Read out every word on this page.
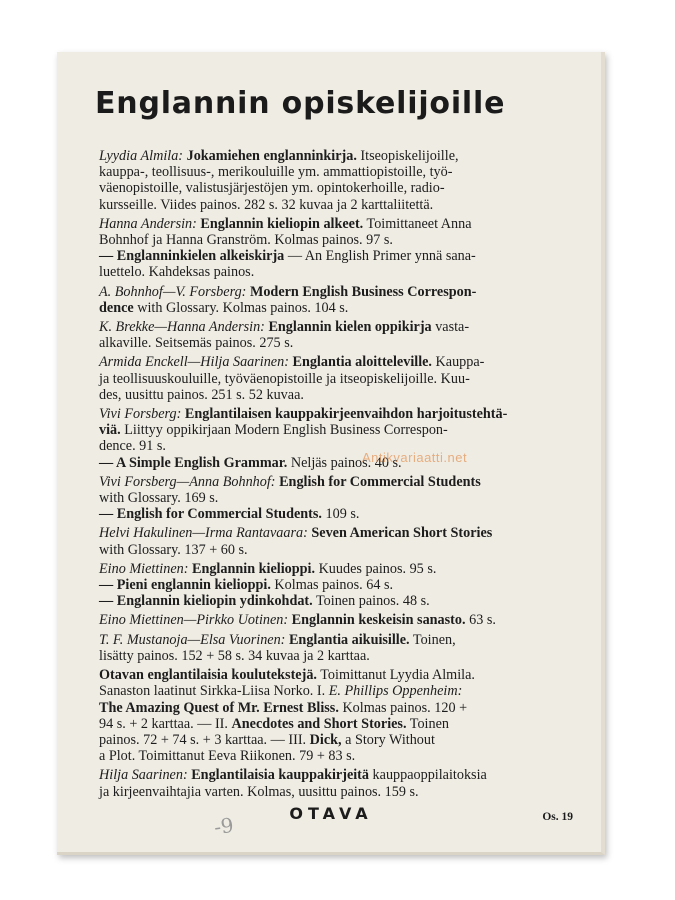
Englannin opiskelijoille
Lyydia Almila: Jokamiehen englanninkirja. Itseopiskelijoille,
kauppa-, teollisuus-, merikouluille ym. ammattiopistoille, työ-
väenopistoille, valistusjärjestöjen ym. opintokerhoille, radio-
kursseille. Viides painos. 282 s. 32 kuvaa ja 2 karttaliitettä.
Hanna Andersin: Englannin kieliopin alkeet. Toimittaneet Anna
Bohnhof ja Hanna Granström. Kolmas painos. 97 s.
— Englanninkielen alkeiskirja — An English Primer ynnä sana-
luettelo. Kahdeksas painos.
A. Bohnhof—V. Forsberg: Modern English Business Correspon-
dence with Glossary. Kolmas painos. 104 s.
K. Brekke—Hanna Andersin: Englannin kielen oppikirja vasta-
alkaville. Seitsemäs painos. 275 s.
Armida Enckell—Hilja Saarinen: Englantia aloitteleville. Kauppa-
ja teollisuuskouluille, työväenopistoille ja itseopiskelijoille. Kuu-
des, uusittu painos. 251 s. 52 kuvaa.
Vivi Forsberg: Englantilaisen kauppakirjeenvaihdon harjoitustehtä-
viä. Liittyy oppikirjaan Modern English Business Correspon-
dence. 91 s.
— A Simple English Grammar. Neljäs painos. 40 s.
Vivi Forsberg—Anna Bohnhof: English for Commercial Students
with Glossary. 169 s.
— English for Commercial Students. 109 s.
Helvi Hakulinen—Irma Rantavaara: Seven American Short Stories
with Glossary. 137 + 60 s.
Eino Miettinen: Englannin kielioppi. Kuudes painos. 95 s.
— Pieni englannin kielioppi. Kolmas painos. 64 s.
— Englannin kieliopin ydinkohdat. Toinen painos. 48 s.
Eino Miettinen—Pirkko Uotinen: Englannin keskeisin sanasto. 63 s.
T. F. Mustanoja—Elsa Vuorinen: Englantia aikuisille. Toinen,
lisätty painos. 152 + 58 s. 34 kuvaa ja 2 karttaa.
Otavan englantilaisia koulutekstejä. Toimittanut Lyydia Almila.
Sanaston laatinut Sirkka-Liisa Norko. I. E. Phillips Oppenheim:
The Amazing Quest of Mr. Ernest Bliss. Kolmas painos. 120 +
94 s. + 2 karttaa. — II. Anecdotes and Short Stories. Toinen
painos. 72 + 74 s. + 3 karttaa. — III. Dick, a Story Without
a Plot. Toimittanut Eeva Riikonen. 79 + 83 s.
Hilja Saarinen: Englantilaisia kauppakirjeitä kauppaoppilaitoksia
ja kirjeenvaihtajia varten. Kolmas, uusittu painos. 159 s.
Antikvariaatti.net
-9	OTAVA	Os. 19
